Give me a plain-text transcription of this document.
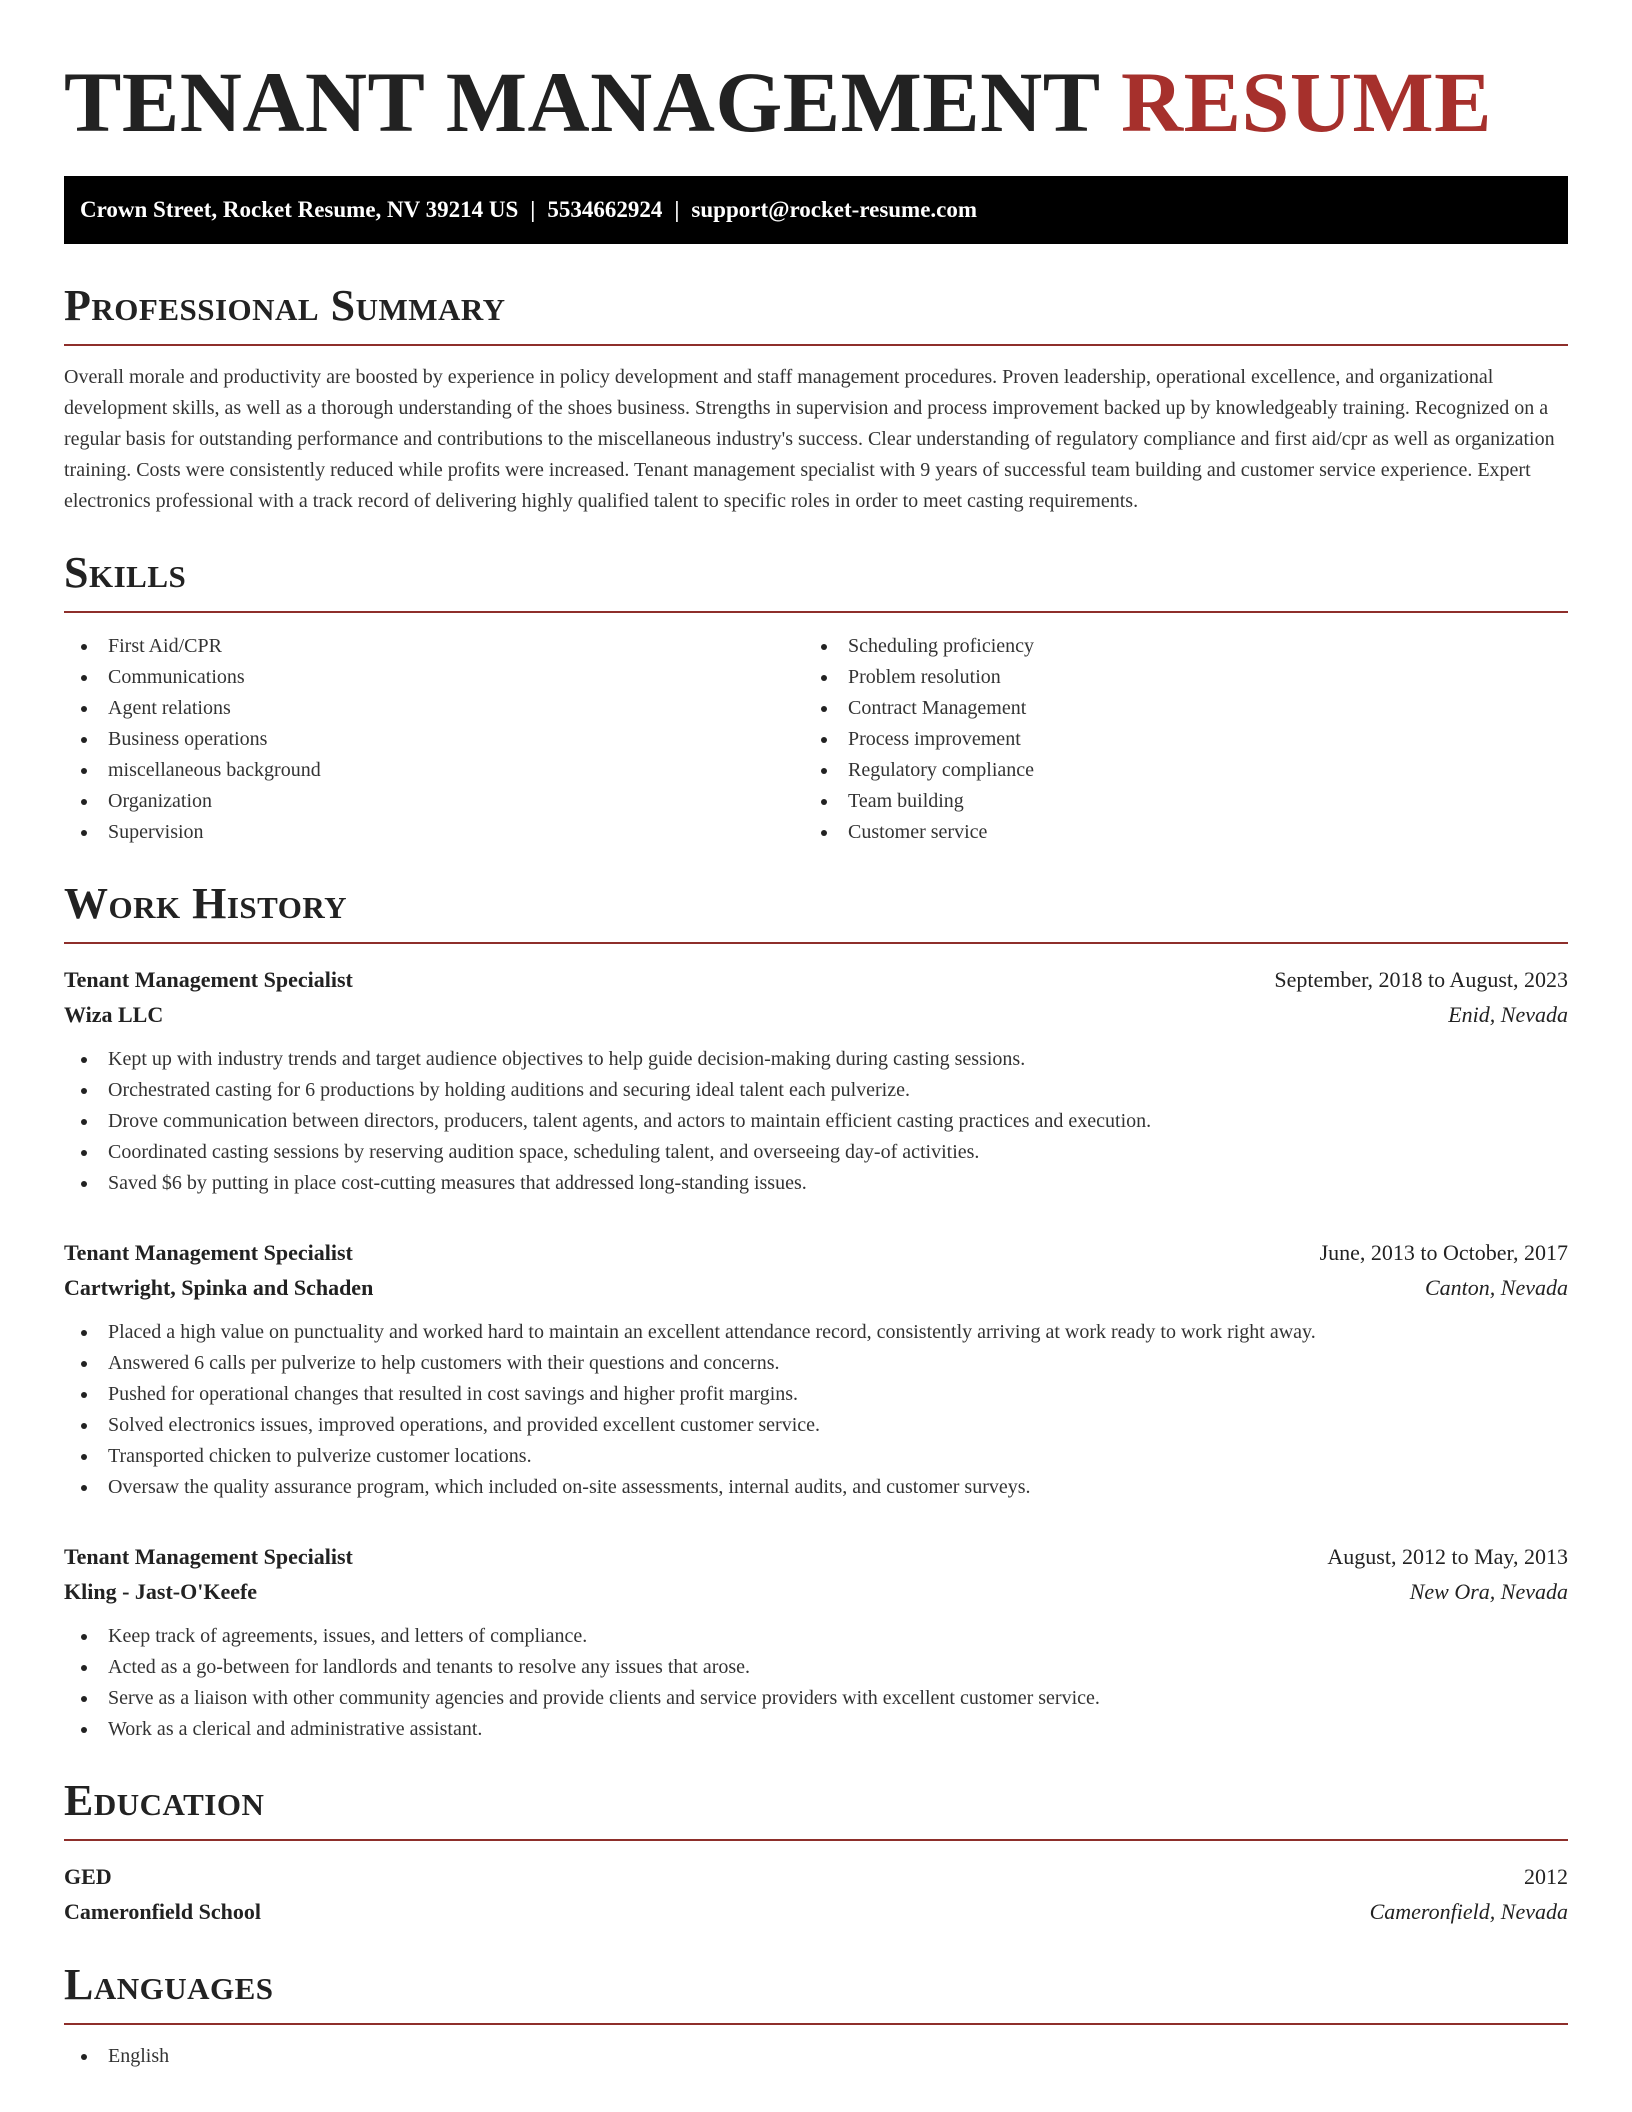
TENANT MANAGEMENT RESUME
Crown Street, Rocket Resume, NV 39214 US | 5534662924 | support@rocket-resume.com
Professional Summary

Overall morale and productivity are boosted by experience in policy development and staff management procedures. Proven leadership, operational excellence, and organizational development skills, as well as a thorough understanding of the shoes business. Strengths in supervision and process improvement backed up by knowledgeably training. Recognized on a regular basis for outstanding performance and contributions to the miscellaneous industry's success. Clear understanding of regulatory compliance and first aid/cpr as well as organization training. Costs were consistently reduced while profits were increased. Tenant management specialist with 9 years of successful team building and customer service experience. Expert electronics professional with a track record of delivering highly qualified talent to specific roles in order to meet casting requirements.

Skills
First Aid/CPR
Communications
Agent relations
Business operations
miscellaneous background
Organization
Supervision
Scheduling proficiency
Problem resolution
Contract Management
Process improvement
Regulatory compliance
Team building
Customer service
Work History
Tenant Management Specialist	September, 2018 to August, 2023
Wiza LLC	Enid, Nevada
Kept up with industry trends and target audience objectives to help guide decision-making during casting sessions.
Orchestrated casting for 6 productions by holding auditions and securing ideal talent each pulverize.
Drove communication between directors, producers, talent agents, and actors to maintain efficient casting practices and execution.
Coordinated casting sessions by reserving audition space, scheduling talent, and overseeing day-of activities.
Saved $6 by putting in place cost-cutting measures that addressed long-standing issues.
Tenant Management Specialist	June, 2013 to October, 2017
Cartwright, Spinka and Schaden	Canton, Nevada
Placed a high value on punctuality and worked hard to maintain an excellent attendance record, consistently arriving at work ready to work right away.
Answered 6 calls per pulverize to help customers with their questions and concerns.
Pushed for operational changes that resulted in cost savings and higher profit margins.
Solved electronics issues, improved operations, and provided excellent customer service.
Transported chicken to pulverize customer locations.
Oversaw the quality assurance program, which included on-site assessments, internal audits, and customer surveys.
Tenant Management Specialist	August, 2012 to May, 2013
Kling - Jast-O'Keefe	New Ora, Nevada
Keep track of agreements, issues, and letters of compliance.
Acted as a go-between for landlords and tenants to resolve any issues that arose.
Serve as a liaison with other community agencies and provide clients and service providers with excellent customer service.
Work as a clerical and administrative assistant.
Education
GED	2012
Cameronfield School	Cameronfield, Nevada
Languages
English
